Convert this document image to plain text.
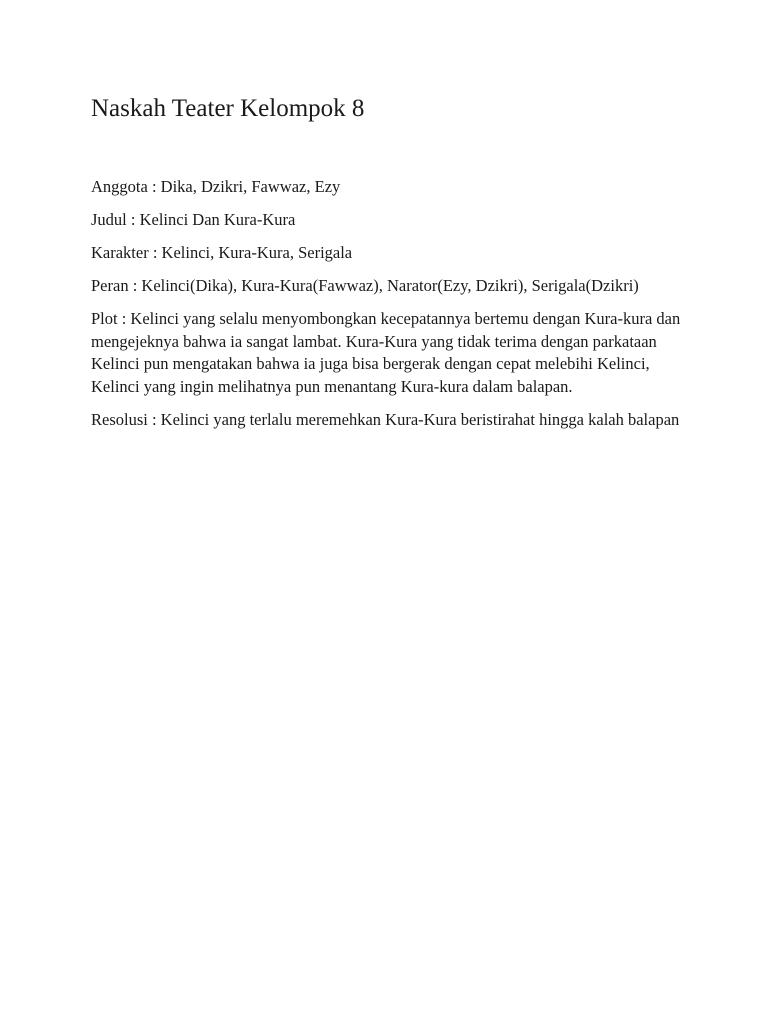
Naskah Teater Kelompok 8

Anggota : Dika, Dzikri, Fawwaz, Ezy

Judul : Kelinci Dan Kura-Kura

Karakter : Kelinci, Kura-Kura, Serigala

Peran : Kelinci(Dika), Kura-Kura(Fawwaz), Narator(Ezy, Dzikri), Serigala(Dzikri)

Plot : Kelinci yang selalu menyombongkan kecepatannya bertemu dengan Kura-kura dan mengejeknya bahwa ia sangat lambat. Kura-Kura yang tidak terima dengan parkataan Kelinci pun mengatakan bahwa ia juga bisa bergerak dengan cepat melebihi Kelinci, Kelinci yang ingin melihatnya pun menantang Kura-kura dalam balapan.

Resolusi : Kelinci yang terlalu meremehkan Kura-Kura beristirahat hingga kalah balapan
